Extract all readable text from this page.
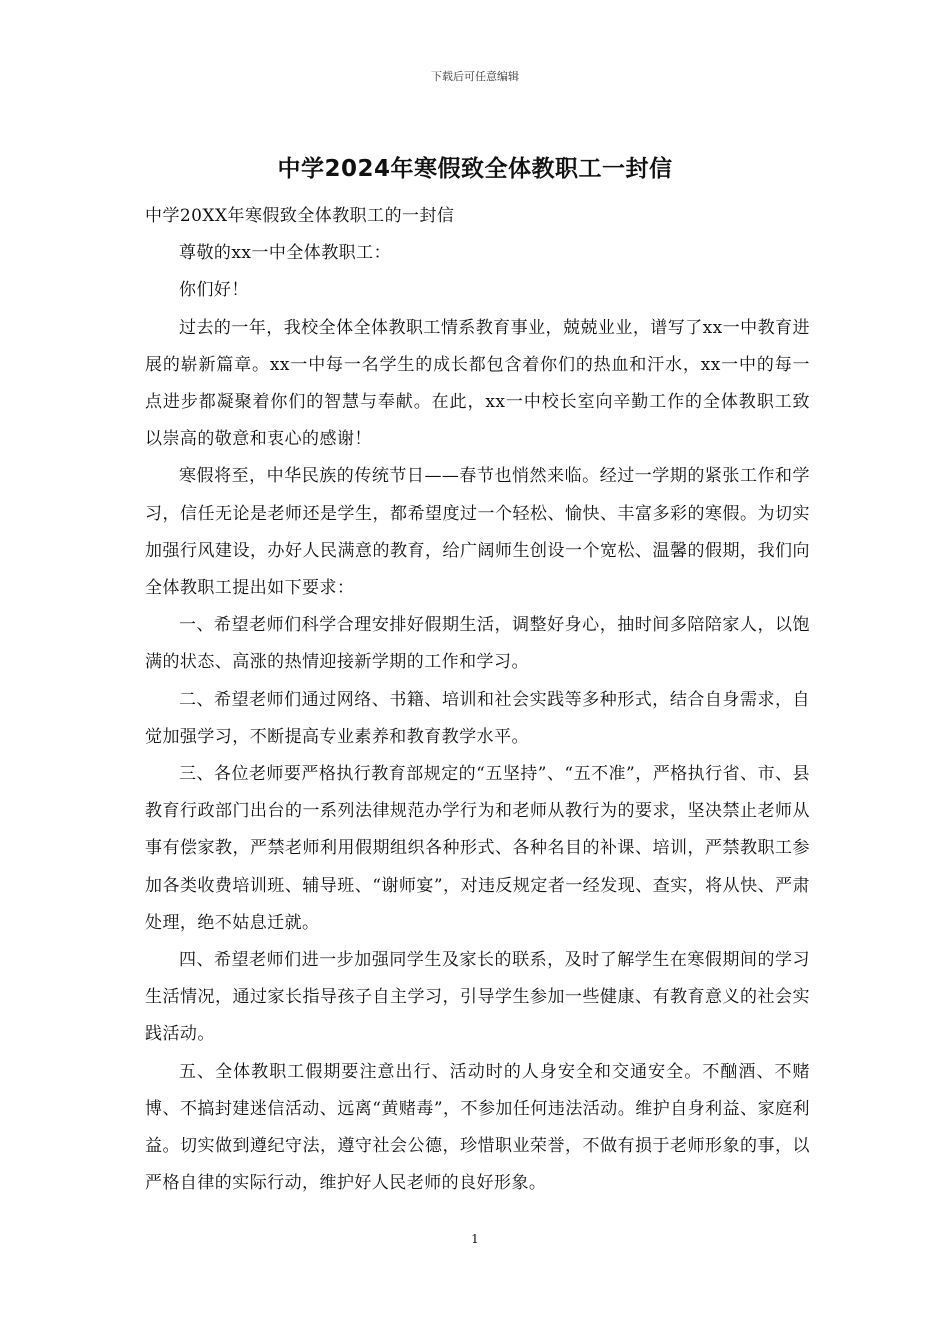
下载后可任意编辑
中学2024年寒假致全体教职工一封信

中学20XX年寒假致全体教职工的一封信

尊敬的xx一中全体教职工：

你们好！

过去的一年，我校全体全体教职工情系教育事业，兢兢业业，谱写了xx一中教育进展的崭新篇章。xx一中每一名学生的成长都包含着你们的热血和汗水，xx一中的每一点进步都凝聚着你们的智慧与奉献。在此，xx一中校长室向辛勤工作的全体教职工致以崇高的敬意和衷心的感谢！

寒假将至，中华民族的传统节日——春节也悄然来临。经过一学期的紧张工作和学习，信任无论是老师还是学生，都希望度过一个轻松、愉快、丰富多彩的寒假。为切实加强行风建设，办好人民满意的教育，给广阔师生创设一个宽松、温馨的假期，我们向全体教职工提出如下要求：

一、希望老师们科学合理安排好假期生活，调整好身心，抽时间多陪陪家人，以饱满的状态、高涨的热情迎接新学期的工作和学习。

二、希望老师们通过网络、书籍、培训和社会实践等多种形式，结合自身需求，自觉加强学习，不断提高专业素养和教育教学水平。

三、各位老师要严格执行教育部规定的“五坚持”、“五不准”，严格执行省、市、县教育行政部门出台的一系列法律规范办学行为和老师从教行为的要求，坚决禁止老师从事有偿家教，严禁老师利用假期组织各种形式、各种名目的补课、培训，严禁教职工参加各类收费培训班、辅导班、“谢师宴”，对违反规定者一经发现、查实，将从快、严肃处理，绝不姑息迁就。

四、希望老师们进一步加强同学生及家长的联系，及时了解学生在寒假期间的学习生活情况，通过家长指导孩子自主学习，引导学生参加一些健康、有教育意义的社会实践活动。

五、全体教职工假期要注意出行、活动时的人身安全和交通安全。不酗酒、不赌博、不搞封建迷信活动、远离“黄赌毒”，不参加任何违法活动。维护自身利益、家庭利益。切实做到遵纪守法，遵守社会公德，珍惜职业荣誉，不做有损于老师形象的事，以严格自律的实际行动，维护好人民老师的良好形象。

1
